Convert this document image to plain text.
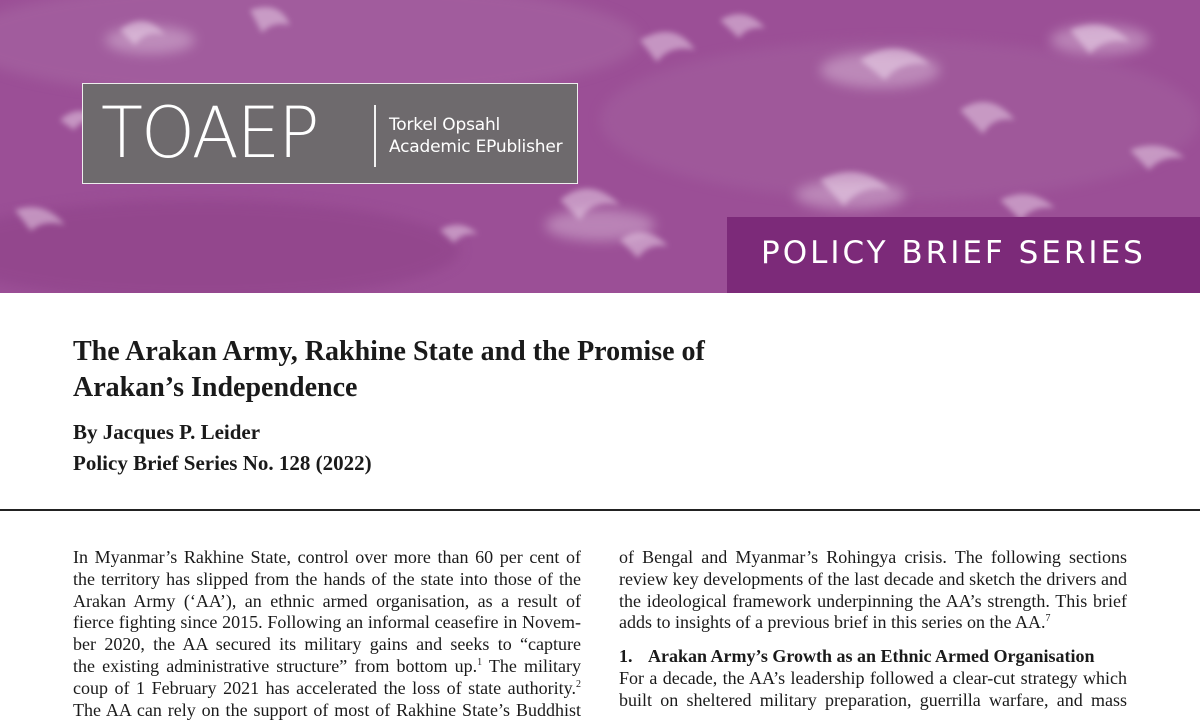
TOAEP	Torkel Opsahl
Academic EPublisher
POLICY BRIEF SERIES
The Arakan Army, Rakhine State and the Promise of
Arakan’s Independence
By Jacques P. Leider
Policy Brief Series No. 128 (2022)
In Myanmar’s Rakhine State, control over more than 60 per cent of
the territory has slipped from the hands of the state into those of the
Arakan Army (‘AA’), an ethnic armed organisation, as a result of
fierce fighting since 2015. Following an informal ceasefire in Novem-
ber 2020, the AA secured its military gains and seeks to “capture
the existing administrative structure” from bottom up.$^1$ The military
coup of 1 February 2021 has accelerated the loss of state authority.$^2$
The AA can rely on the support of most of Rakhine State’s Buddhist
of Bengal and Myanmar’s Rohingya crisis. The following sections
review key developments of the last decade and sketch the drivers and
the ideological framework underpinning the AA’s strength. This brief
adds to insights of a previous brief in this series on the AA.$^7$
1. Arakan Army’s Growth as an Ethnic Armed Organisation
For a decade, the AA’s leadership followed a clear-cut strategy which
built on sheltered military preparation, guerrilla warfare, and mass
